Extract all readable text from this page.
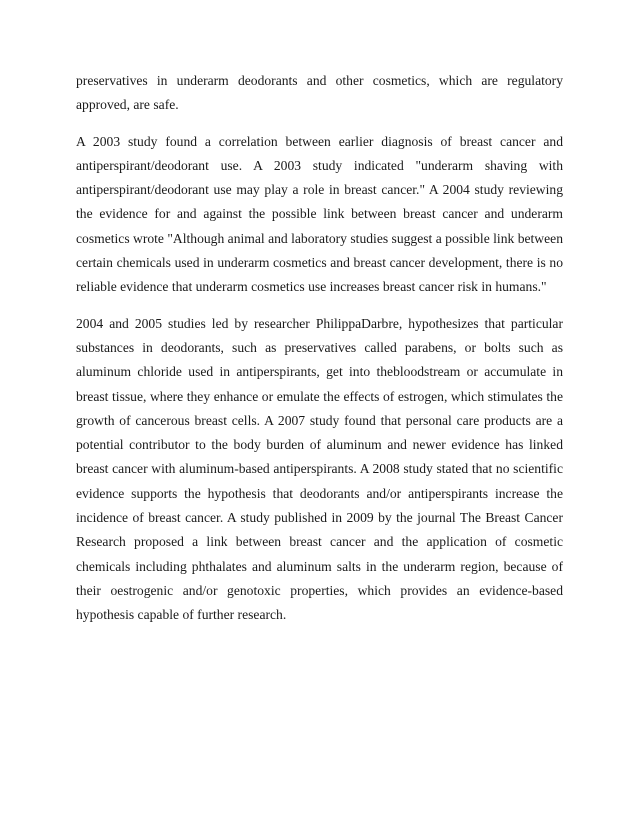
preservatives in underarm deodorants and other cosmetics, which are regulatory approved, are safe.

A 2003 study found a correlation between earlier diagnosis of breast cancer and antiperspirant/deodorant use. A 2003 study indicated "underarm shaving with antiperspirant/deodorant use may play a role in breast cancer." A 2004 study reviewing the evidence for and against the possible link between breast cancer and underarm cosmetics wrote "Although animal and laboratory studies suggest a possible link between certain chemicals used in underarm cosmetics and breast cancer development, there is no reliable evidence that underarm cosmetics use increases breast cancer risk in humans."

2004 and 2005 studies led by researcher PhilippaDarbre, hypothesizes that particular substances in deodorants, such as preservatives called parabens, or bolts such as aluminum chloride used in antiperspirants, get into thebloodstream or accumulate in breast tissue, where they enhance or emulate the effects of estrogen, which stimulates the growth of cancerous breast cells. A 2007 study found that personal care products are a potential contributor to the body burden of aluminum and newer evidence has linked breast cancer with aluminum-based antiperspirants. A 2008 study stated that no scientific evidence supports the hypothesis that deodorants and/or antiperspirants increase the incidence of breast cancer. A study published in 2009 by the journal The Breast Cancer Research proposed a link between breast cancer and the application of cosmetic chemicals including phthalates and aluminum salts in the underarm region, because of their oestrogenic and/or genotoxic properties, which provides an evidence-based hypothesis capable of further research.
